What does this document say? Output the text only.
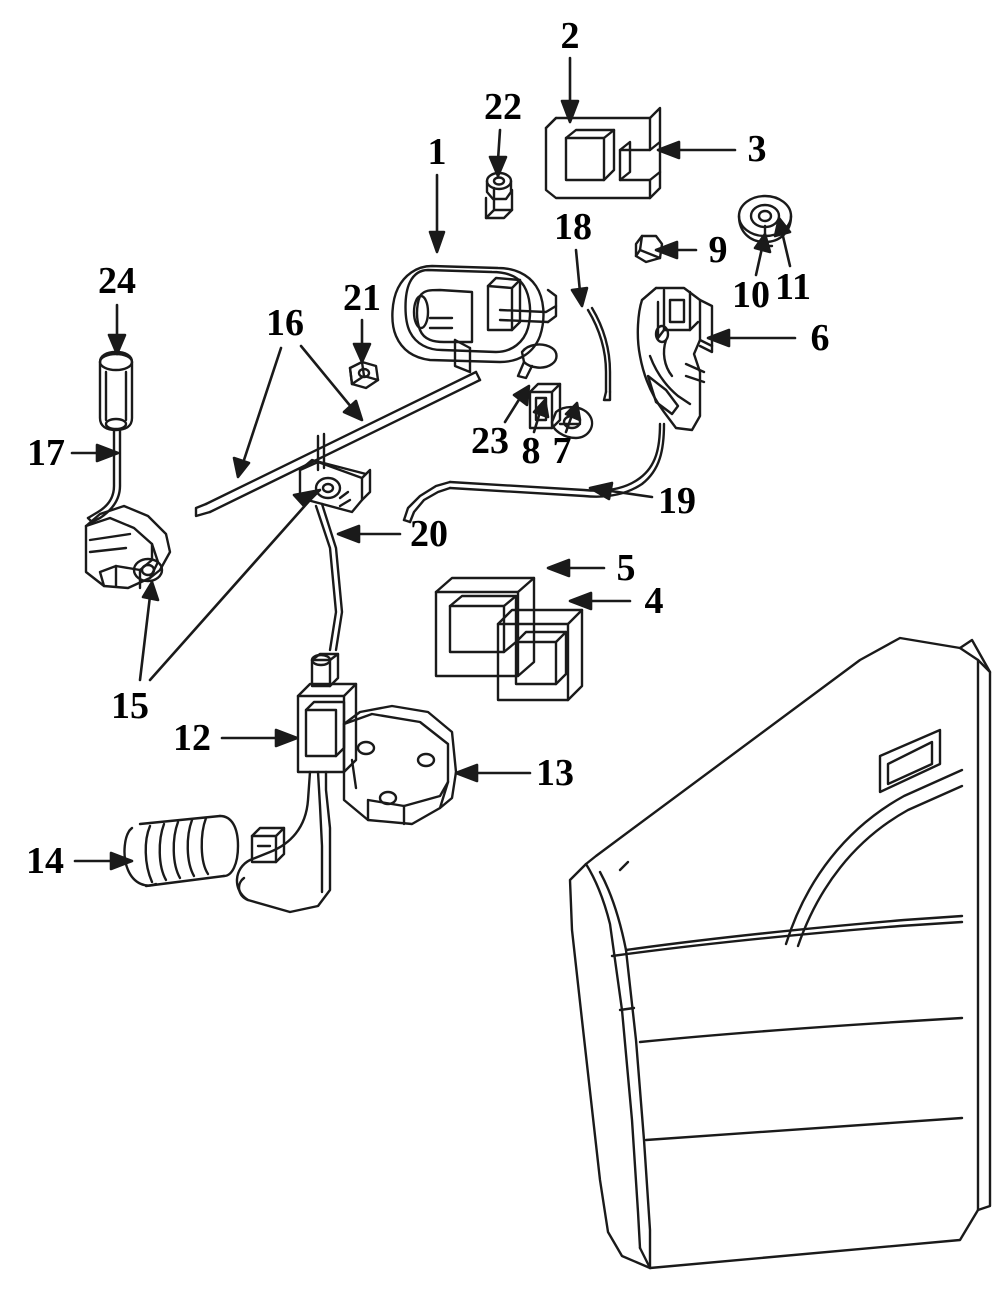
1
2
3
4
5
6
7
8
9
10 11
12
13
14
15
16
17
18
19
20
21
22
23
24
